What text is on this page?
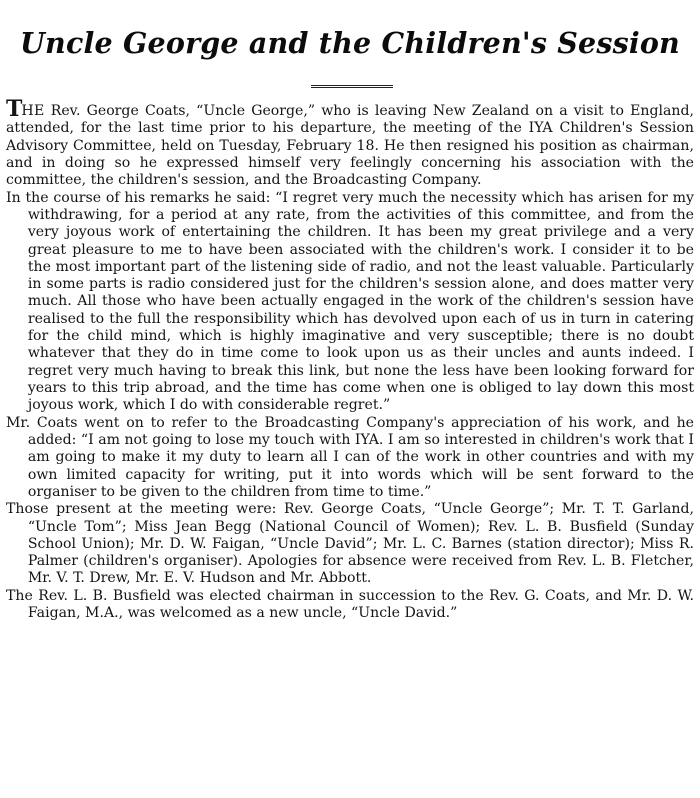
Uncle George and the Children's Session

THE Rev. George Coats, “Uncle George,” who is leaving New Zealand on a visit to England, attended, for the last time prior to his departure, the meeting of the IYA Children's Session Advisory Committee, held on Tuesday, February 18. He then resigned his position as chairman, and in doing so he expressed himself very feelingly concerning his association with the committee, the children's session, and the Broadcasting Company.

In the course of his remarks he said: “I regret very much the necessity which has arisen for my withdrawing, for a period at any rate, from the activities of this committee, and from the very joyous work of entertaining the children. It has been my great privilege and a very great pleasure to me to have been associated with the children's work. I consider it to be the most important part of the listening side of radio, and not the least valuable. Particularly in some parts is radio considered just for the children's session alone, and does matter very much. All those who have been actually engaged in the work of the children's session have realised to the full the responsibility which has devolved upon each of us in turn in catering for the child mind, which is highly imaginative and very susceptible; there is no doubt whatever that they do in time come to look upon us as their uncles and aunts indeed. I regret very much having to break this link, but none the less have been looking forward for years to this trip abroad, and the time has come when one is obliged to lay down this most joyous work, which I do with considerable regret.”

Mr. Coats went on to refer to the Broadcasting Company's appreciation of his work, and he added: “I am not going to lose my touch with IYA. I am so interested in children's work that I am going to make it my duty to learn all I can of the work in other countries and with my own limited capacity for writing, put it into words which will be sent forward to the organiser to be given to the children from time to time.”

Those present at the meeting were: Rev. George Coats, “Uncle George”; Mr. T. T. Garland, “Uncle Tom”; Miss Jean Begg (National Council of Women); Rev. L. B. Busfield (Sunday School Union); Mr. D. W. Faigan, “Uncle David”; Mr. L. C. Barnes (station director); Miss R. Palmer (children's organiser). Apologies for absence were received from Rev. L. B. Fletcher, Mr. V. T. Drew, Mr. E. V. Hudson and Mr. Abbott.

The Rev. L. B. Busfield was elected chairman in succession to the Rev. G. Coats, and Mr. D. W. Faigan, M.A., was welcomed as a new uncle, “Uncle David.”
